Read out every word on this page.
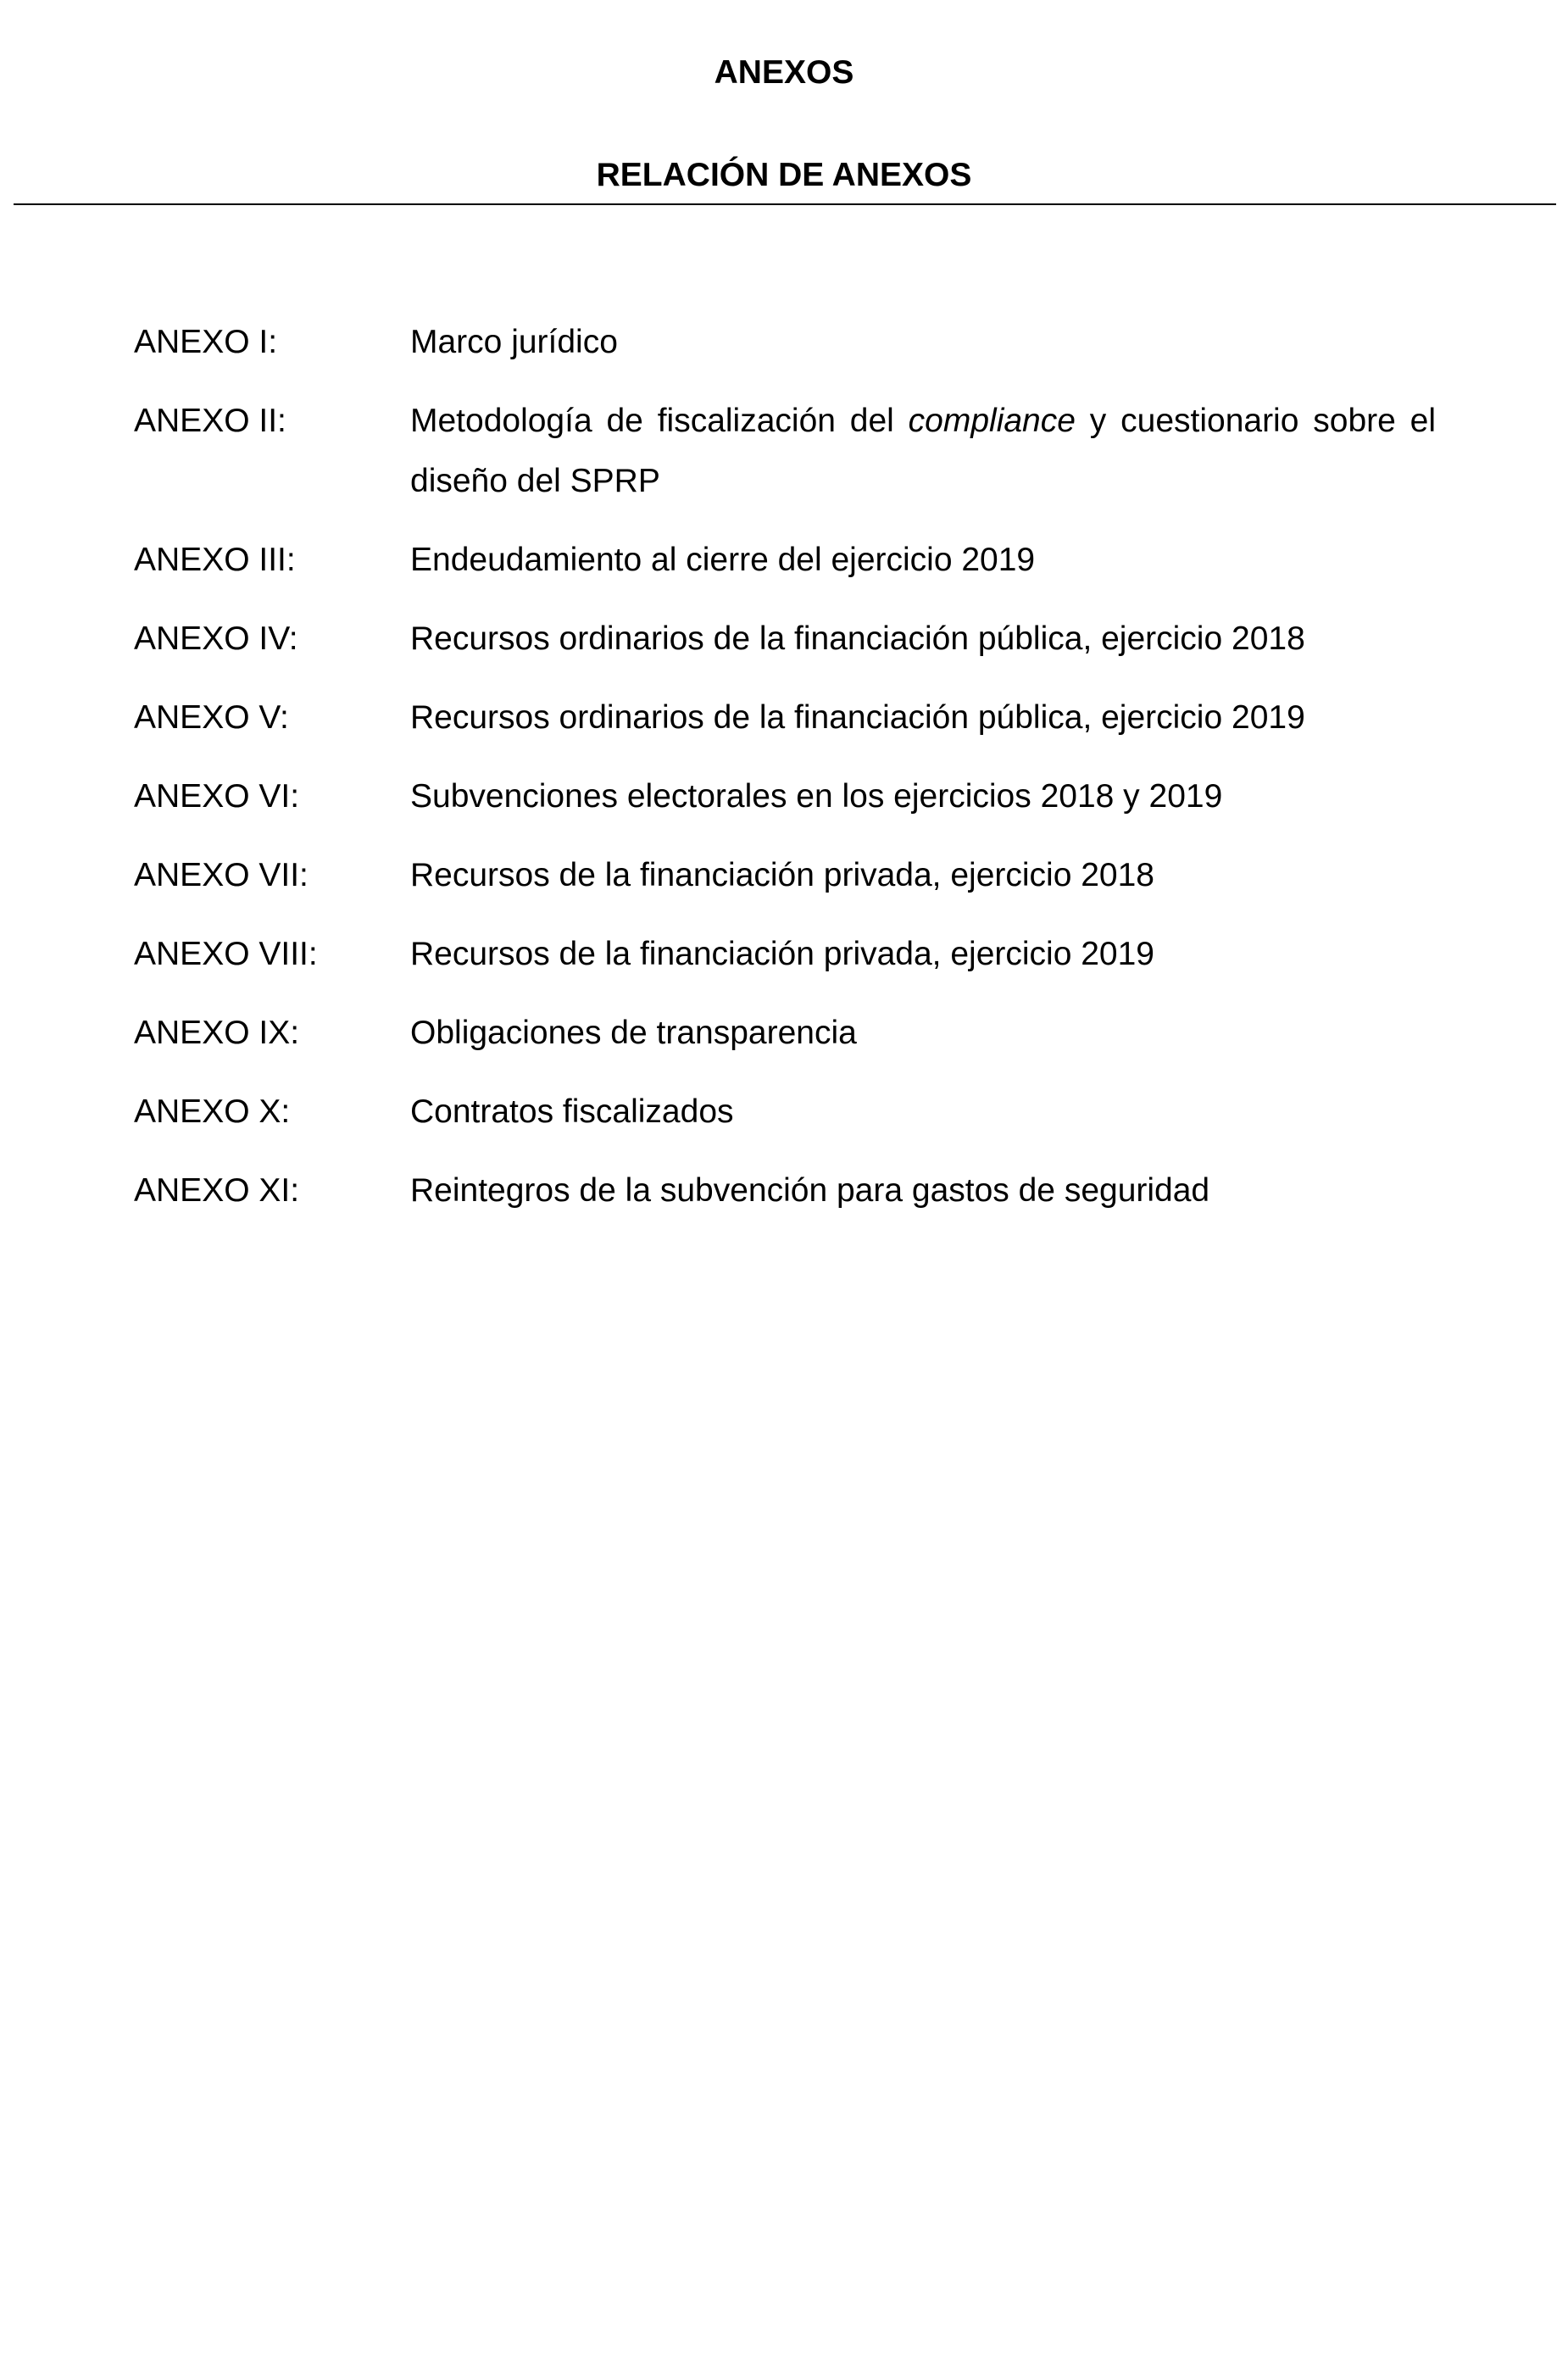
ANEXOS
RELACIÓN DE ANEXOS
ANEXO I:	Marco jurídico
ANEXO II:	Metodología de fiscalización del compliance y cuestionario sobre el diseño del SPRP
ANEXO III:	Endeudamiento al cierre del ejercicio 2019
ANEXO IV:	Recursos ordinarios de la financiación pública, ejercicio 2018
ANEXO V:	Recursos ordinarios de la financiación pública, ejercicio 2019
ANEXO VI:	Subvenciones electorales en los ejercicios 2018 y 2019
ANEXO VII:	Recursos de la financiación privada, ejercicio 2018
ANEXO VIII:	Recursos de la financiación privada, ejercicio 2019
ANEXO IX:	Obligaciones de transparencia
ANEXO X:	Contratos fiscalizados
ANEXO XI:	Reintegros de la subvención para gastos de seguridad
